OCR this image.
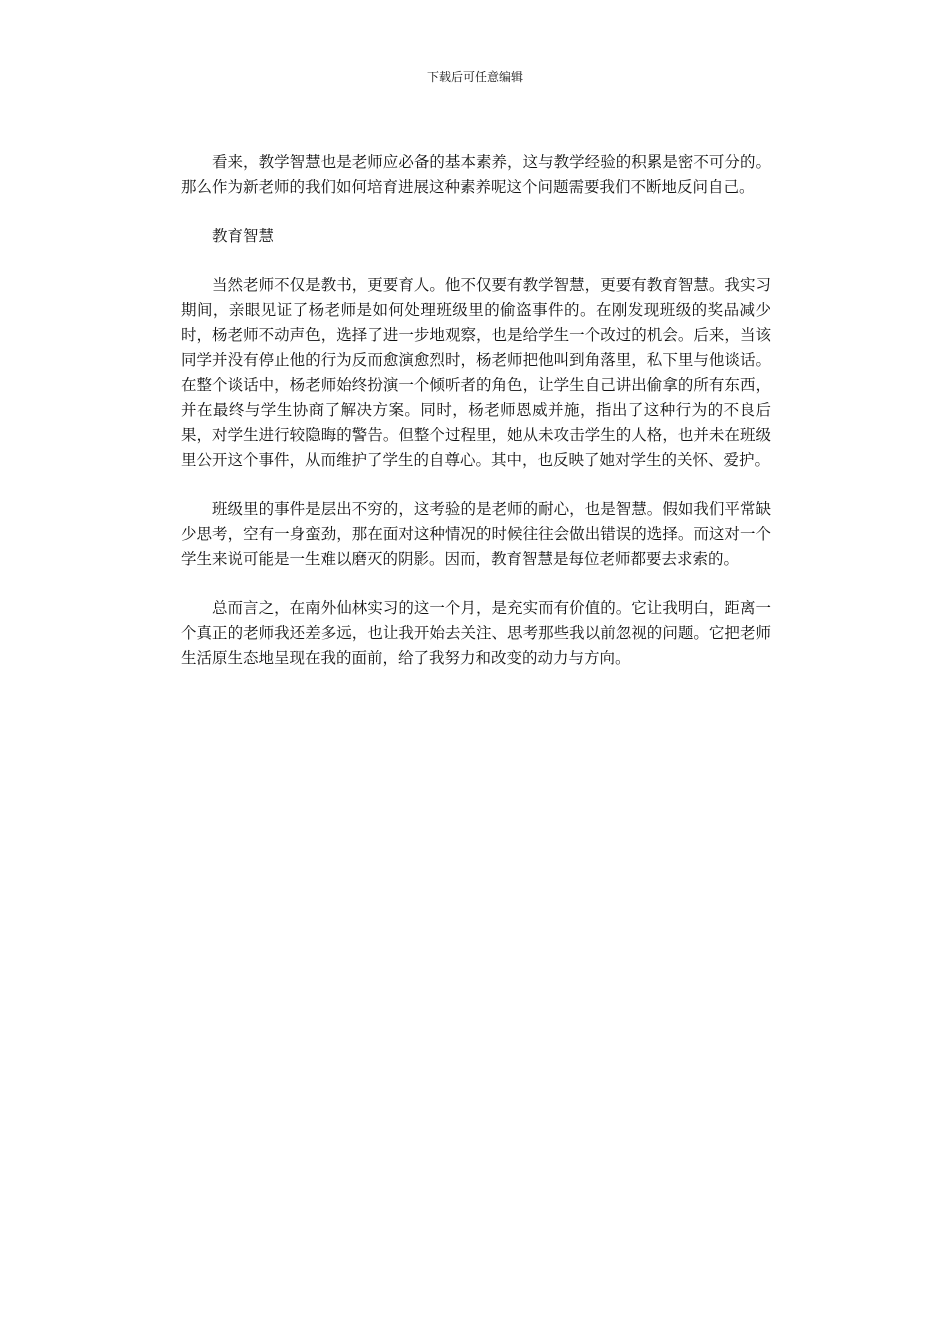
下载后可任意编辑

看来，教学智慧也是老师应必备的基本素养，这与教学经验的积累是密不可分的。那么作为新老师的我们如何培育进展这种素养呢这个问题需要我们不断地反问自己。

教育智慧

当然老师不仅是教书，更要育人。他不仅要有教学智慧，更要有教育智慧。我实习期间，亲眼见证了杨老师是如何处理班级里的偷盗事件的。在刚发现班级的奖品减少时，杨老师不动声色，选择了进一步地观察，也是给学生一个改过的机会。后来，当该同学并没有停止他的行为反而愈演愈烈时，杨老师把他叫到角落里，私下里与他谈话。在整个谈话中，杨老师始终扮演一个倾听者的角色，让学生自己讲出偷拿的所有东西，并在最终与学生协商了解决方案。同时，杨老师恩威并施，指出了这种行为的不良后果，对学生进行较隐晦的警告。但整个过程里，她从未攻击学生的人格，也并未在班级里公开这个事件，从而维护了学生的自尊心。其中，也反映了她对学生的关怀、爱护。

班级里的事件是层出不穷的，这考验的是老师的耐心，也是智慧。假如我们平常缺少思考，空有一身蛮劲，那在面对这种情况的时候往往会做出错误的选择。而这对一个学生来说可能是一生难以磨灭的阴影。因而，教育智慧是每位老师都要去求索的。

总而言之，在南外仙林实习的这一个月，是充实而有价值的。它让我明白，距离一个真正的老师我还差多远，也让我开始去关注、思考那些我以前忽视的问题。它把老师生活原生态地呈现在我的面前，给了我努力和改变的动力与方向。
